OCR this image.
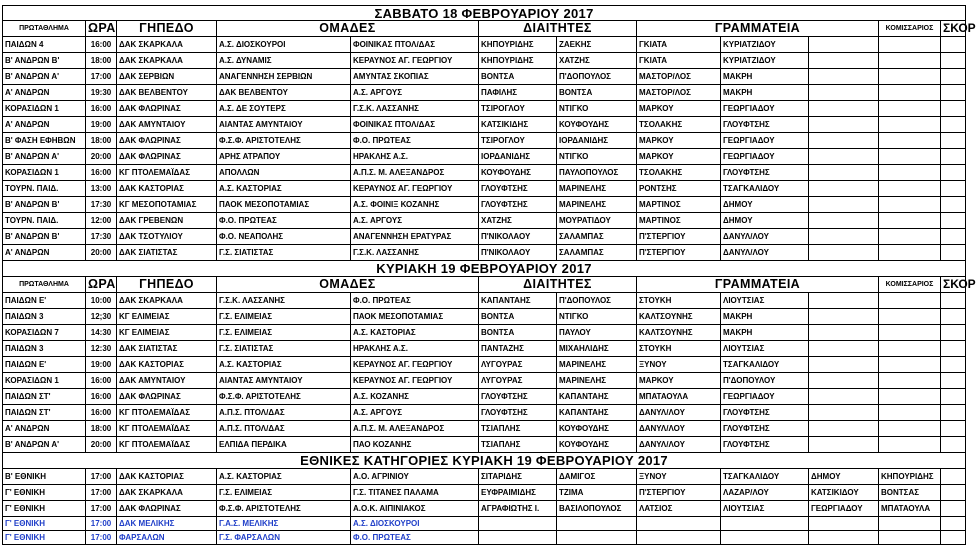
ΣΑΒΒΑΤΟ 18 ΦΕΒΡΟΥΑΡΙΟΥ 2017											
ΠΡΩΤΑΘΛΗΜΑ	ΩΡΑ	ΓΗΠΕΔΟ	ΟΜΑΔΕΣ		ΔΙΑΙΤΗΤΕΣ		ΓΡΑΜΜΑΤΕΙΑ			ΚΟΜΙΣΣΑΡΙΟΣ	ΣΚΟΡ
ΠΑΙΔΩΝ 4	16:00	ΔΑΚ ΣΚΑΡΚΑΛΑ	Α.Σ. ΔΙΟΣΚΟΥΡΟΙ	ΦΟΙΝΙΚΑΣ ΠΤΟΛ/ΔΑΣ	ΚΗΠΟΥΡΙΔΗΣ	ΖΑΕΚΗΣ	ΓΚΙΑΤΑ	ΚΥΡΙΑΤΖΙΔΟΥ			
Β' ΑΝΔΡΩΝ Β'	18:00	ΔΑΚ ΣΚΑΡΚΑΛΑ	Α.Σ. ΔΥΝΑΜΙΣ	ΚΕΡΑΥΝΟΣ ΑΓ. ΓΕΩΡΓΙΟΥ	ΚΗΠΟΥΡΙΔΗΣ	ΧΑΤΖΗΣ	ΓΚΙΑΤΑ	ΚΥΡΙΑΤΖΙΔΟΥ			
Β' ΑΝΔΡΩΝ Α'	17:00	ΔΑΚ ΣΕΡΒΙΩΝ	ΑΝΑΓΕΝΝΗΣΗ ΣΕΡΒΙΩΝ	ΑΜΥΝΤΑΣ ΣΚΟΠΙΑΣ	ΒΟΝΤΣΑ	Π'ΔΟΠΟΥΛΟΣ	ΜΑΣΤΟΡ/ΛΟΣ	ΜΑΚΡΗ			
Α' ΑΝΔΡΩΝ	19:30	ΔΑΚ ΒΕΛΒΕΝΤΟΥ	ΔΑΚ ΒΕΛΒΕΝΤΟΥ	Α.Σ. ΑΡΓΟΥΣ	ΠΑΦΙΛΗΣ	ΒΟΝΤΣΑ	ΜΑΣΤΟΡ/ΛΟΣ	ΜΑΚΡΗ			
ΚΟΡΑΣΙΔΩΝ 1	16:00	ΔΑΚ ΦΛΩΡΙΝΑΣ	Α.Σ. ΔΕ ΣΟΥΤΕΡΣ	Γ.Σ.Κ. ΛΑΣΣΑΝΗΣ	ΤΣΙΡΟΓΛΟΥ	ΝΤΙΓΚΟ	ΜΑΡΚΟΥ	ΓΕΩΡΓΙΑΔΟΥ			
Α' ΑΝΔΡΩΝ	19:00	ΔΑΚ ΑΜΥΝΤΑΙΟΥ	ΑΙΑΝΤΑΣ ΑΜΥΝΤΑΙΟΥ	ΦΟΙΝΙΚΑΣ ΠΤΟΛ/ΔΑΣ	ΚΑΤΣΙΚΙΔΗΣ	ΚΟΥΦΟΥΔΗΣ	ΤΣΟΛΑΚΗΣ	ΓΛΟΥΦΤΣΗΣ			
Β' ΦΑΣΗ ΕΦΗΒΩΝ	18:00	ΔΑΚ ΦΛΩΡΙΝΑΣ	Φ.Σ.Φ. ΑΡΙΣΤΟΤΕΛΗΣ	Φ.Ο. ΠΡΩΤΕΑΣ	ΤΣΙΡΟΓΛΟΥ	ΙΟΡΔΑΝΙΔΗΣ	ΜΑΡΚΟΥ	ΓΕΩΡΓΙΑΔΟΥ			
Β' ΑΝΔΡΩΝ Α'	20:00	ΔΑΚ ΦΛΩΡΙΝΑΣ	ΑΡΗΣ ΑΤΡΑΠΟΥ	ΗΡΑΚΛΗΣ Α.Σ.	ΙΟΡΔΑΝΙΔΗΣ	ΝΤΙΓΚΟ	ΜΑΡΚΟΥ	ΓΕΩΡΓΙΑΔΟΥ			
ΚΟΡΑΣΙΔΩΝ 1	16:00	ΚΓ ΠΤΟΛΕΜΑΪΔΑΣ	ΑΠΟΛΛΩΝ	Α.Π.Σ. Μ. ΑΛΕΞΑΝΔΡΟΣ	ΚΟΥΦΟΥΔΗΣ	ΠΑΥΛΟΠΟΥΛΟΣ	ΤΣΟΛΑΚΗΣ	ΓΛΟΥΦΤΣΗΣ			
ΤΟΥΡΝ. ΠΑΙΔ.	13:00	ΔΑΚ ΚΑΣΤΟΡΙΑΣ	Α.Σ. ΚΑΣΤΟΡΙΑΣ	ΚΕΡΑΥΝΟΣ ΑΓ. ΓΕΩΡΓΙΟΥ	ΓΛΟΥΦΤΣΗΣ	ΜΑΡΙΝΕΛΗΣ	ΡΟΝΤΣΗΣ	ΤΣΑΓΚΑΛΙΔΟΥ			
Β' ΑΝΔΡΩΝ Β'	17:30	ΚΓ ΜΕΣΟΠΟΤΑΜΙΑΣ	ΠΑΟΚ ΜΕΣΟΠΟΤΑΜΙΑΣ	Α.Σ. ΦΟΙΝΙΞ ΚΟΖΑΝΗΣ	ΓΛΟΥΦΤΣΗΣ	ΜΑΡΙΝΕΛΗΣ	ΜΑΡΤΙΝΟΣ	ΔΗΜΟΥ			
ΤΟΥΡΝ. ΠΑΙΔ.	12:00	ΔΑΚ ΓΡΕΒΕΝΩΝ	Φ.Ο. ΠΡΩΤΕΑΣ	Α.Σ. ΑΡΓΟΥΣ	ΧΑΤΖΗΣ	ΜΟΥΡΑΤΙΔΟΥ	ΜΑΡΤΙΝΟΣ	ΔΗΜΟΥ			
Β' ΑΝΔΡΩΝ Β'	17:30	ΔΑΚ ΤΣΟΤΥΛΙΟΥ	Φ.Ο. ΝΕΑΠΟΛΗΣ	ΑΝΑΓΕΝΝΗΣΗ ΕΡΑΤΥΡΑΣ	Π'ΝΙΚΟΛΑΟΥ	ΣΑΛΑΜΠΑΣ	Π'ΣΤΕΡΓΙΟΥ	ΔΑΝΥΛ/ΛΟΥ			
Α' ΑΝΔΡΩΝ	20:00	ΔΑΚ ΣΙΑΤΙΣΤΑΣ	Γ.Σ. ΣΙΑΤΙΣΤΑΣ	Γ.Σ.Κ. ΛΑΣΣΑΝΗΣ	Π'ΝΙΚΟΛΑΟΥ	ΣΑΛΑΜΠΑΣ	Π'ΣΤΕΡΓΙΟΥ	ΔΑΝΥΛ/ΛΟΥ			
ΚΥΡΙΑΚΗ 19 ΦΕΒΡΟΥΑΡΙΟΥ 2017											
ΠΡΩΤΑΘΛΗΜΑ	ΩΡΑ	ΓΗΠΕΔΟ	ΟΜΑΔΕΣ		ΔΙΑΙΤΗΤΕΣ		ΓΡΑΜΜΑΤΕΙΑ			ΚΟΜΙΣΣΑΡΙΟΣ	ΣΚΟΡ
ΠΑΙΔΩΝ Ε'	10:00	ΔΑΚ ΣΚΑΡΚΑΛΑ	Γ.Σ.Κ. ΛΑΣΣΑΝΗΣ	Φ.Ο. ΠΡΩΤΕΑΣ	ΚΑΠΑΝΤΑΗΣ	Π'ΔΟΠΟΥΛΟΣ	ΣΤΟΥΚΗ	ΛΙΟΥΤΣΙΑΣ			
ΠΑΙΔΩΝ 3	12;30	ΚΓ ΕΛΙΜΕΙΑΣ	Γ.Σ. ΕΛΙΜΕΙΑΣ	ΠΑΟΚ ΜΕΣΟΠΟΤΑΜΙΑΣ	ΒΟΝΤΣΑ	ΝΤΙΓΚΟ	ΚΑΛΤΣΟΥΝΗΣ	ΜΑΚΡΗ			
ΚΟΡΑΣΙΔΩΝ 7	14:30	ΚΓ ΕΛΙΜΕΙΑΣ	Γ.Σ. ΕΛΙΜΕΙΑΣ	Α.Σ. ΚΑΣΤΟΡΙΑΣ	ΒΟΝΤΣΑ	ΠΑΥΛΟΥ	ΚΑΛΤΣΟΥΝΗΣ	ΜΑΚΡΗ			
ΠΑΙΔΩΝ 3	12:30	ΔΑΚ ΣΙΑΤΙΣΤΑΣ	Γ.Σ. ΣΙΑΤΙΣΤΑΣ	ΗΡΑΚΛΗΣ Α.Σ.	ΠΑΝΤΑΖΗΣ	ΜΙΧΑΗΛΙΔΗΣ	ΣΤΟΥΚΗ	ΛΙΟΥΤΣΙΑΣ			
ΠΑΙΔΩΝ Ε'	19:00	ΔΑΚ ΚΑΣΤΟΡΙΑΣ	Α.Σ. ΚΑΣΤΟΡΙΑΣ	ΚΕΡΑΥΝΟΣ ΑΓ. ΓΕΩΡΓΙΟΥ	ΛΥΓΟΥΡΑΣ	ΜΑΡΙΝΕΛΗΣ	ΞΥΝΟΥ	ΤΣΑΓΚΑΛΙΔΟΥ			
ΚΟΡΑΣΙΔΩΝ 1	16:00	ΔΑΚ ΑΜΥΝΤΑΙΟΥ	ΑΙΑΝΤΑΣ ΑΜΥΝΤΑΙΟΥ	ΚΕΡΑΥΝΟΣ ΑΓ. ΓΕΩΡΓΙΟΥ	ΛΥΓΟΥΡΑΣ	ΜΑΡΙΝΕΛΗΣ	ΜΑΡΚΟΥ	Π'ΔΟΠΟΥΛΟΥ			
ΠΑΙΔΩΝ ΣΤ'	16:00	ΔΑΚ ΦΛΩΡΙΝΑΣ	Φ.Σ.Φ. ΑΡΙΣΤΟΤΕΛΗΣ	Α.Σ. ΚΟΖΑΝΗΣ	ΓΛΟΥΦΤΣΗΣ	ΚΑΠΑΝΤΑΗΣ	ΜΠΑΤΑΟΥΛΑ	ΓΕΩΡΓΙΑΔΟΥ			
ΠΑΙΔΩΝ ΣΤ'	16:00	ΚΓ ΠΤΟΛΕΜΑΪΔΑΣ	Α.Π.Σ. ΠΤΟΛ/ΔΑΣ	Α.Σ. ΑΡΓΟΥΣ	ΓΛΟΥΦΤΣΗΣ	ΚΑΠΑΝΤΑΗΣ	ΔΑΝΥΛ/ΛΟΥ	ΓΛΟΥΦΤΣΗΣ			
Α' ΑΝΔΡΩΝ	18:00	ΚΓ ΠΤΟΛΕΜΑΪΔΑΣ	Α.Π.Σ. ΠΤΟΛ/ΔΑΣ	Α.Π.Σ. Μ. ΑΛΕΞΑΝΔΡΟΣ	ΤΣΙΑΠΛΗΣ	ΚΟΥΦΟΥΔΗΣ	ΔΑΝΥΛ/ΛΟΥ	ΓΛΟΥΦΤΣΗΣ			
Β' ΑΝΔΡΩΝ Α'	20:00	ΚΓ ΠΤΟΛΕΜΑΪΔΑΣ	ΕΛΠΙΔΑ ΠΕΡΔΙΚΑ	ΠΑΟ ΚΟΖΑΝΗΣ	ΤΣΙΑΠΛΗΣ	ΚΟΥΦΟΥΔΗΣ	ΔΑΝΥΛ/ΛΟΥ	ΓΛΟΥΦΤΣΗΣ			
ΕΘΝΙΚΕΣ ΚΑΤΗΓΟΡΙΕΣ ΚΥΡΙΑΚΗ 19 ΦΕΒΡΟΥΑΡΙΟΥ 2017											
Β' ΕΘΝΙΚΗ	17:00	ΔΑΚ ΚΑΣΤΟΡΙΑΣ	Α.Σ. ΚΑΣΤΟΡΙΑΣ	Α.Ο. ΑΓΡΙΝΙΟΥ	ΣΙΤΑΡΙΔΗΣ	ΔΑΜΙΓΟΣ	ΞΥΝΟΥ	ΤΣΑΓΚΑΛΙΔΟΥ	ΔΗΜΟΥ	ΚΗΠΟΥΡΙΔΗΣ	
Γ' ΕΘΝΙΚΗ	17:00	ΔΑΚ ΣΚΑΡΚΑΛΑ	Γ.Σ. ΕΛΙΜΕΙΑΣ	Γ.Σ. ΤΙΤΑΝΕΣ ΠΑΛΑΜΑ	ΕΥΦΡΑΙΜΙΔΗΣ	ΤΖΙΜΑ	Π'ΣΤΕΡΓΙΟΥ	ΛΑΖΑΡ/ΛΟΥ	ΚΑΤΣΙΚΙΔΟΥ	ΒΟΝΤΣΑΣ	
Γ' ΕΘΝΙΚΗ	17:00	ΔΑΚ ΦΛΩΡΙΝΑΣ	Φ.Σ.Φ. ΑΡΙΣΤΟΤΕΛΗΣ	Α.Ο.Κ. ΑΙΠΙΝΙΑΚΟΣ	ΑΓΡΑΦΙΩΤΗΣ Ι.	ΒΑΣΙΛΟΠΟΥΛΟΣ	ΛΑΤΣΙΟΣ	ΛΙΟΥΤΣΙΑΣ	ΓΕΩΡΓΙΑΔΟΥ	ΜΠΑΤΑΟΥΛΑ	
Γ' ΕΘΝΙΚΗ	17:00	ΔΑΚ ΜΕΛΙΚΗΣ	Γ.Α.Σ. ΜΕΛΙΚΗΣ	Α.Σ. ΔΙΟΣΚΟΥΡΟΙ							
Γ' ΕΘΝΙΚΗ	17:00	ΦΑΡΣΑΛΩΝ	Γ.Σ. ΦΑΡΣΑΛΩΝ	Φ.Ο. ΠΡΩΤΕΑΣ							
